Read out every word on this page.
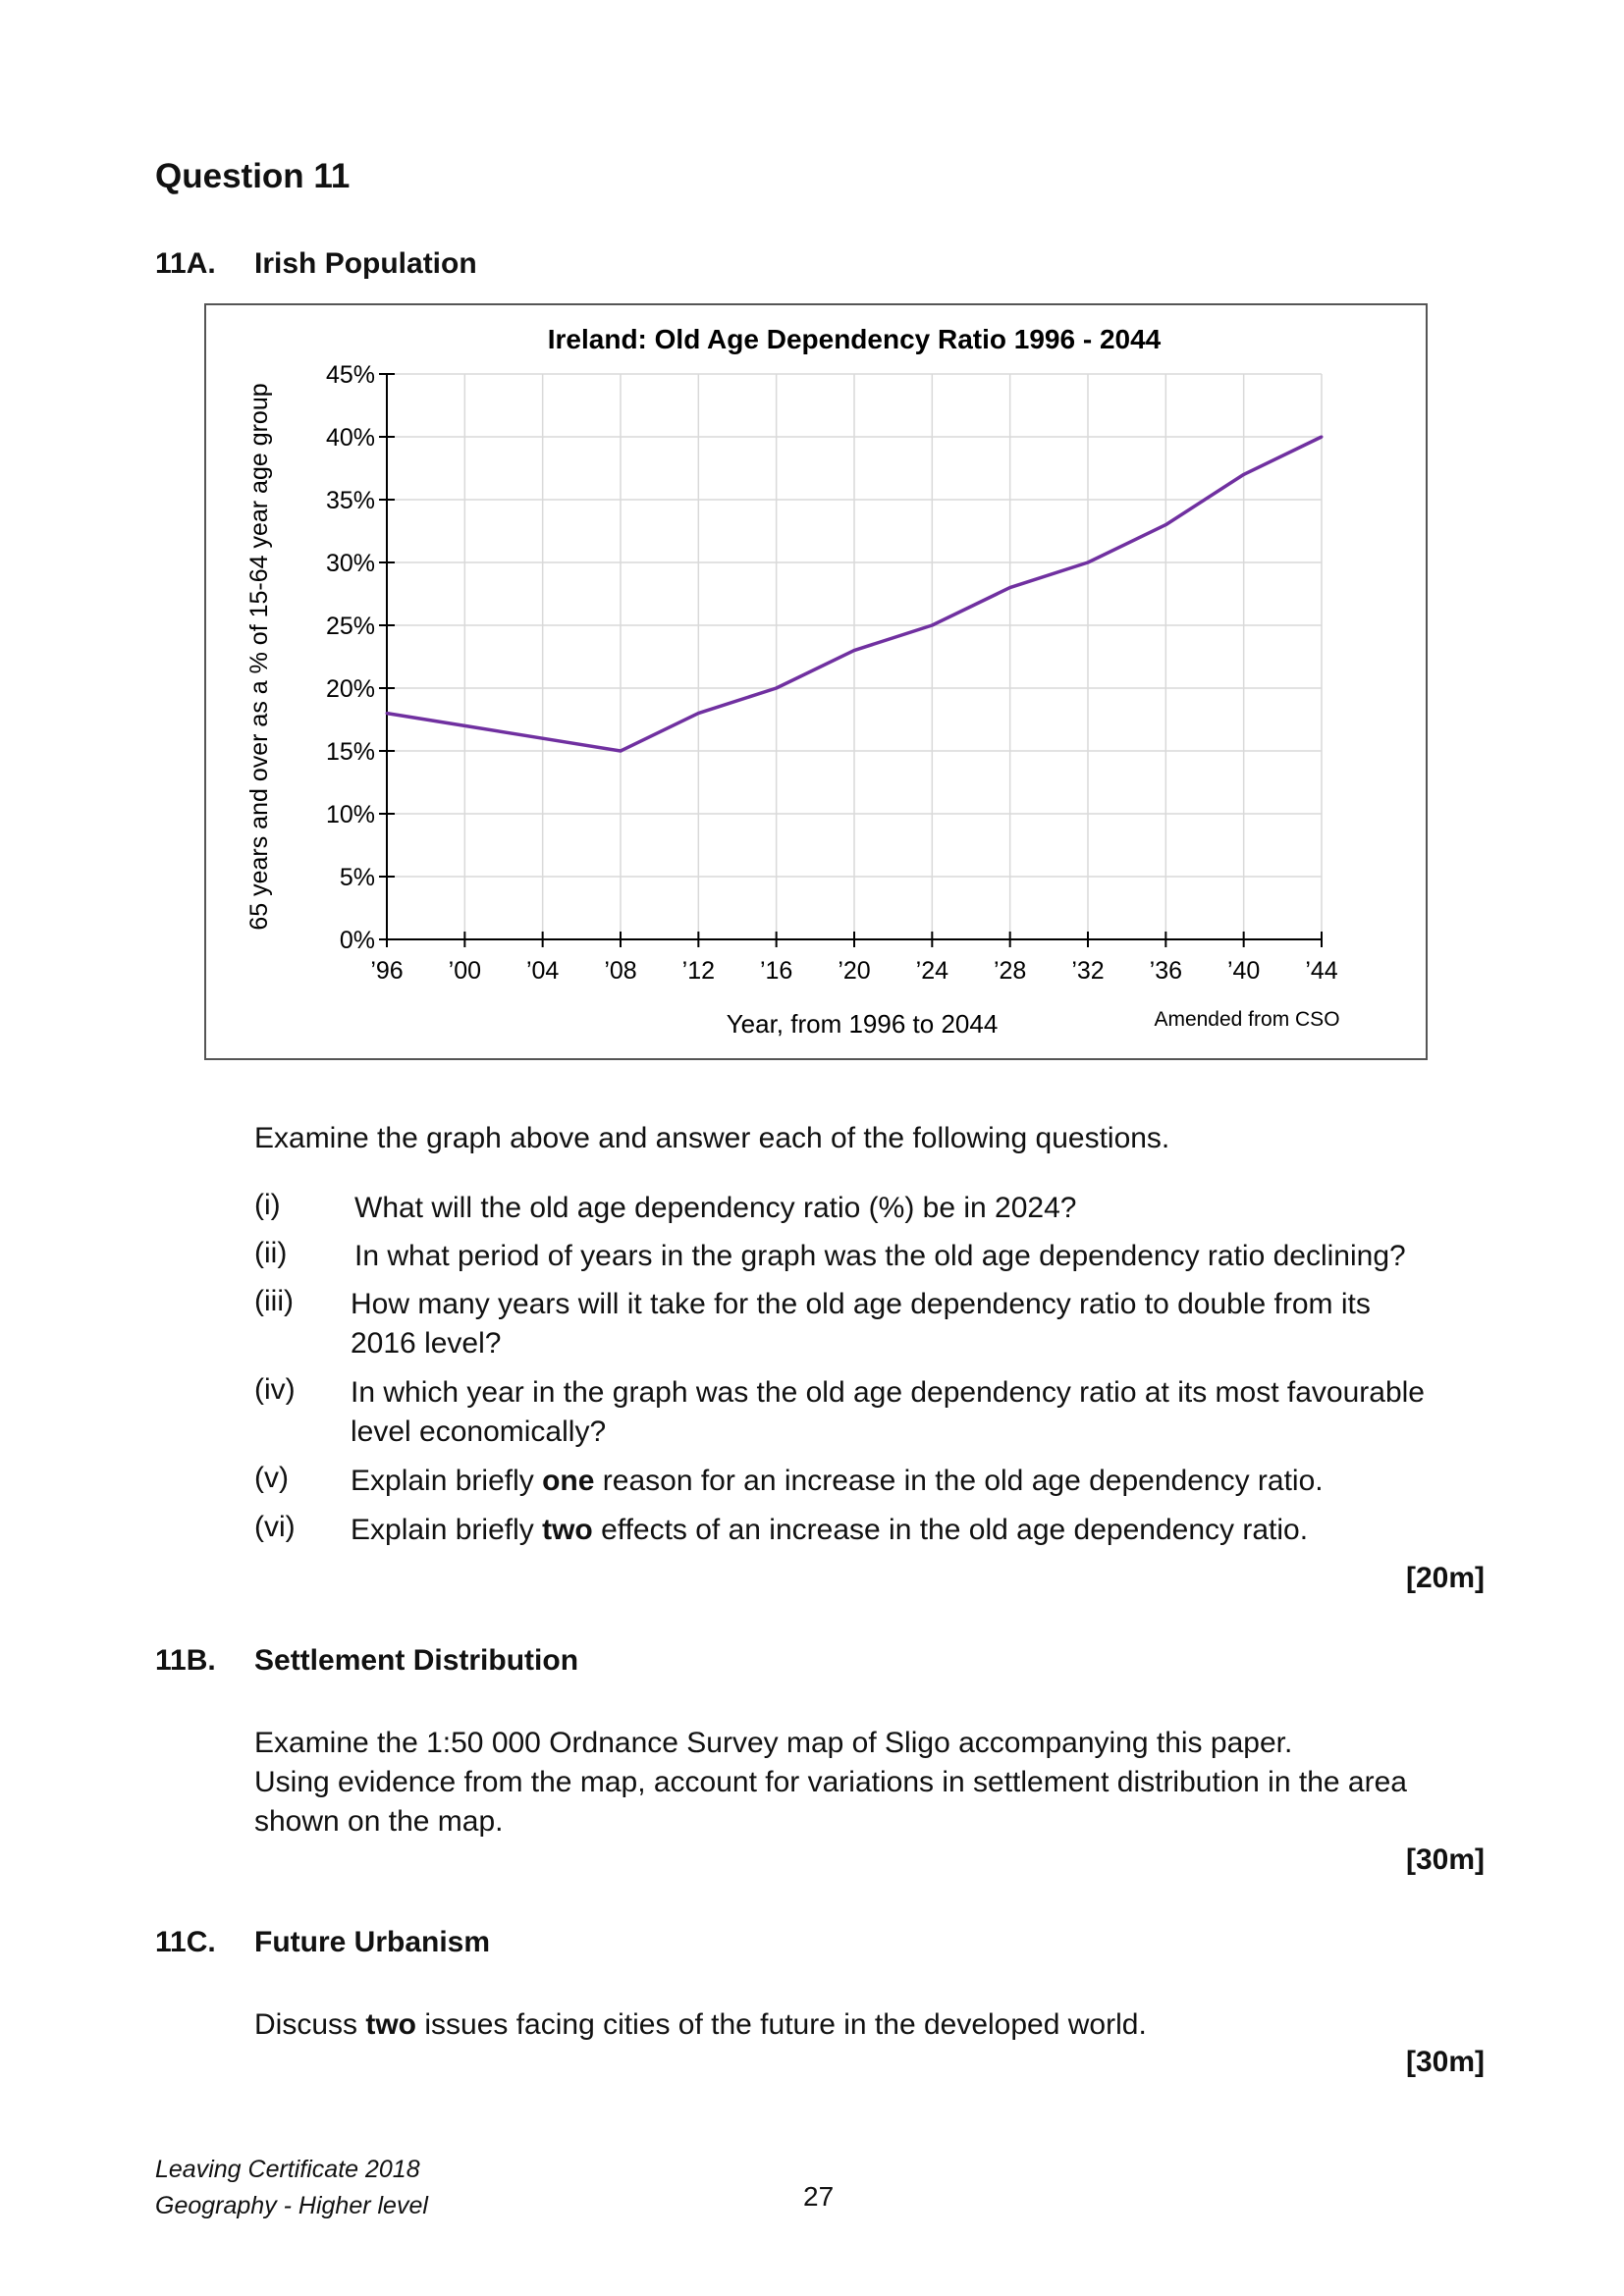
Question 11
11A. Irish Population
0%
5%
10%
15%
20%
25%
30%
35%
40%
45%
’96 ’00 ’04 ’08 ’12 ’16 ’20 ’24 ’28 ’32 ’36 ’40 ’44
Ireland: Old Age Dependency Ratio 1996 - 2044
Year, from 1996 to 2044	Amended from CSO
65 years and over as a % of 15-64 year age group
Examine the graph above and answer each of the following questions.
(i)	What will the old age dependency ratio (%) be in 2024?
(ii) In what period of years in the graph was the old age dependency ratio declining?
(iii) How many years will it take for the old age dependency ratio to double from its
2016 level?
(iv) In which year in the graph was the old age dependency ratio at its most favourable
level economically?
(v) Explain briefly one reason for an increase in the old age dependency ratio.
(vi) Explain briefly two effects of an increase in the old age dependency ratio.
[20m]
11B. Settlement Distribution
Examine the 1:50 000 Ordnance Survey map of Sligo accompanying this paper.
Using evidence from the map, account for variations in settlement distribution in the area
shown on the map.
[30m]
11C. Future Urbanism
Discuss two issues facing cities of the future in the developed world.
[30m]
Leaving Certificate 2018
Geography - Higher level	27
